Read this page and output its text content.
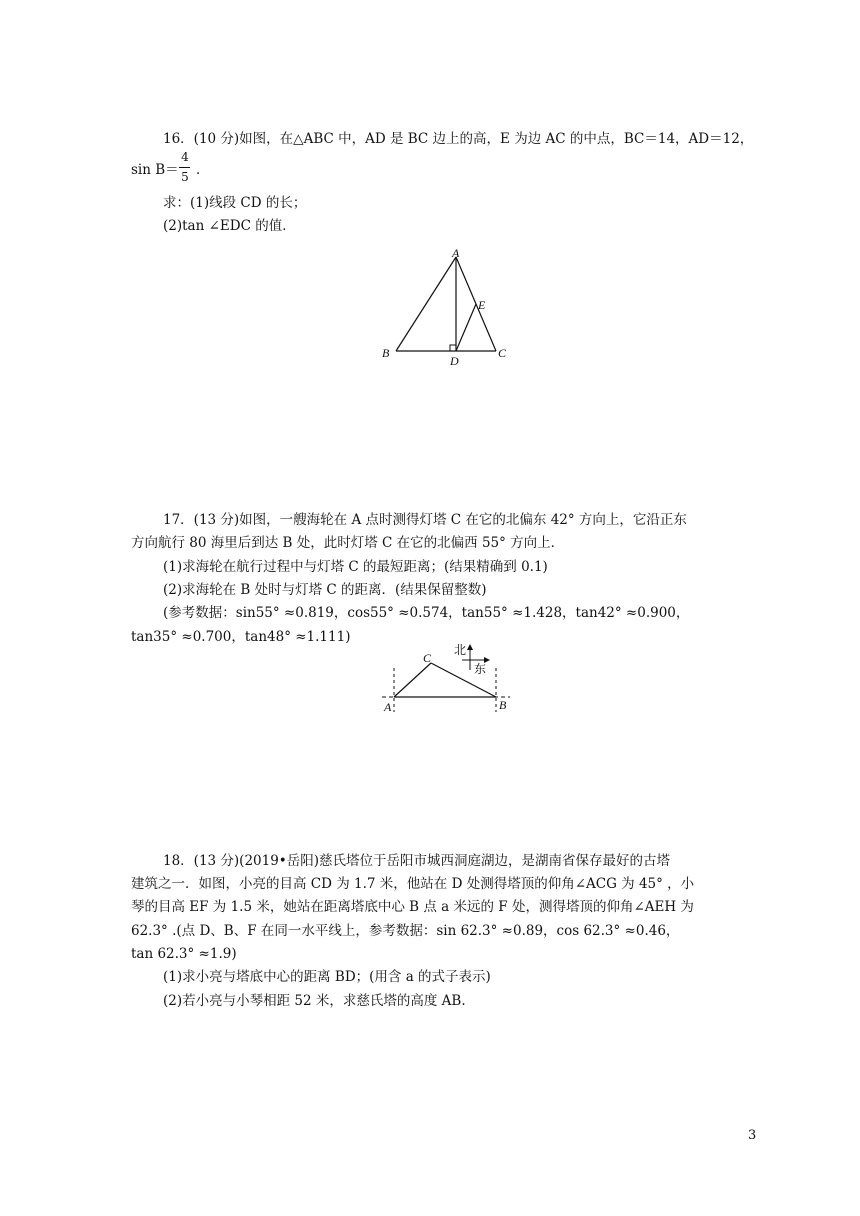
16．(10 分)如图，在△ABC 中，AD 是 BC 边上的高，E 为边 AC 的中点，BC＝14，AD＝12，
sin B＝
4
5 ．
求：(1)线段 CD 的长；
(2)tan ∠EDC 的值．
A
B	C
D
E
17．(13 分)如图，一艘海轮在 A 点时测得灯塔 C 在它的北偏东 42° 方向上，它沿正东
方向航行 80 海里后到达 B 处，此时灯塔 C 在它的北偏西 55° 方向上．
(1)求海轮在航行过程中与灯塔 C 的最短距离；(结果精确到 0.1)
(2)求海轮在 B 处时与灯塔 C 的距离．(结果保留整数)
(参考数据：sin55° ≈0.819，cos55° ≈0.574，tan55° ≈1.428，tan42° ≈0.900，
tan35° ≈0.700，tan48° ≈1.111)
北
东
A	B
C
18．(13 分)(2019•岳阳)慈氏塔位于岳阳市城西洞庭湖边，是湖南省保存最好的古塔
建筑之一．如图，小亮的目高 CD 为 1.7 米，他站在 D 处测得塔顶的仰角∠ACG 为 45° ，小
琴的目高 EF 为 1.5 米，她站在距离塔底中心 B 点 a 米远的 F 处，测得塔顶的仰角∠AEH 为
62.3° .(点 D、B、F 在同一水平线上，参考数据：sin 62.3° ≈0.89，cos 62.3° ≈0.46，
tan 62.3° ≈1.9)
(1)求小亮与塔底中心的距离 BD；(用含 a 的式子表示)
(2)若小亮与小琴相距 52 米，求慈氏塔的高度 AB.
3
